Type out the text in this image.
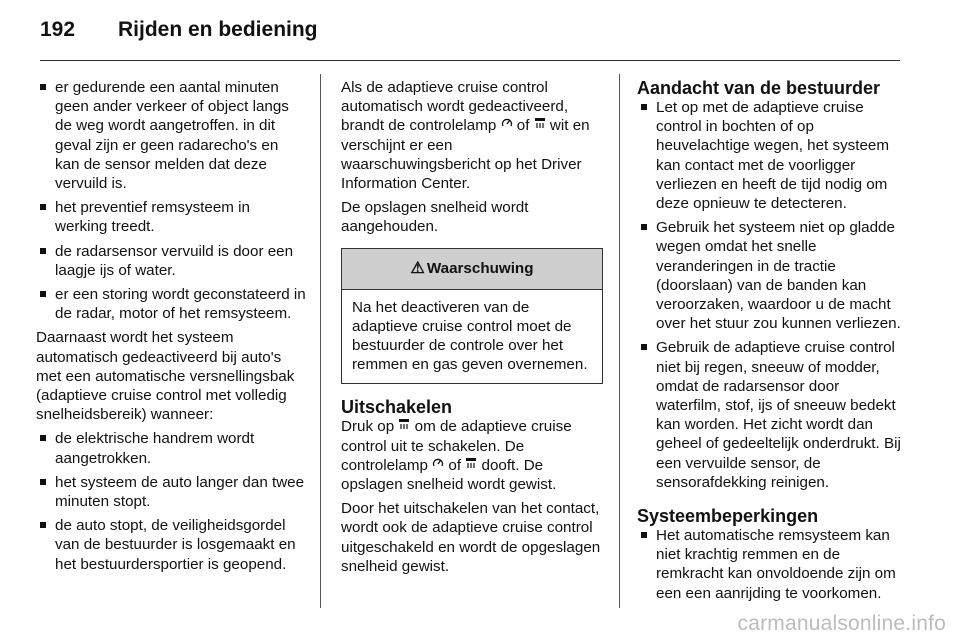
192	Rijden en bediening
er gedurende een aantal minuten geen ander verkeer of object langs de weg wordt aangetroffen. in dit geval zijn er geen radarecho's en kan de sensor melden dat deze vervuild is.
het preventief remsysteem in werking treedt.
de radarsensor vervuild is door een laagje ijs of water.
er een storing wordt geconstateerd in de radar, motor of het remsysteem.

Daarnaast wordt het systeem automatisch gedeactiveerd bij auto's met een automatische versnellingsbak (adaptieve cruise control met volledig snelheidsbereik) wanneer:

de elektrische handrem wordt aangetrokken.
het systeem de auto langer dan twee minuten stopt.
de auto stopt, de veiligheidsgordel van de bestuurder is losgemaakt en het bestuurdersportier is geopend.

Als de adaptieve cruise control automatisch wordt gedeactiveerd, brandt de controlelamp  of  wit en verschijnt er een waarschuwingsbericht op het Driver Information Center.

De opslagen snelheid wordt aangehouden.

⚠ Waarschuwing
Na het deactiveren van de adaptieve cruise control moet de bestuurder de controle over het remmen en gas geven overnemen.
Uitschakelen

Druk op  om de adaptieve cruise control uit te schakelen. De controlelamp  of  dooft. De opslagen snelheid wordt gewist.

Door het uitschakelen van het contact, wordt ook de adaptieve cruise control uitgeschakeld en wordt de opgeslagen snelheid gewist.

Aandacht van de bestuurder
Let op met de adaptieve cruise control in bochten of op heuvelachtige wegen, het systeem kan contact met de voorligger verliezen en heeft de tijd nodig om deze opnieuw te detecteren.
Gebruik het systeem niet op gladde wegen omdat het snelle veranderingen in de tractie (doorslaan) van de banden kan veroorzaken, waardoor u de macht over het stuur zou kunnen verliezen.
Gebruik de adaptieve cruise control niet bij regen, sneeuw of modder, omdat de radarsensor door waterfilm, stof, ijs of sneeuw bedekt kan worden. Het zicht wordt dan geheel of gedeeltelijk onderdrukt. Bij een vervuilde sensor, de sensorafdekking reinigen.
Systeembeperkingen
Het automatische remsysteem kan niet krachtig remmen en de remkracht kan onvoldoende zijn om een een aanrijding te voorkomen.
carmanualsonline.info
